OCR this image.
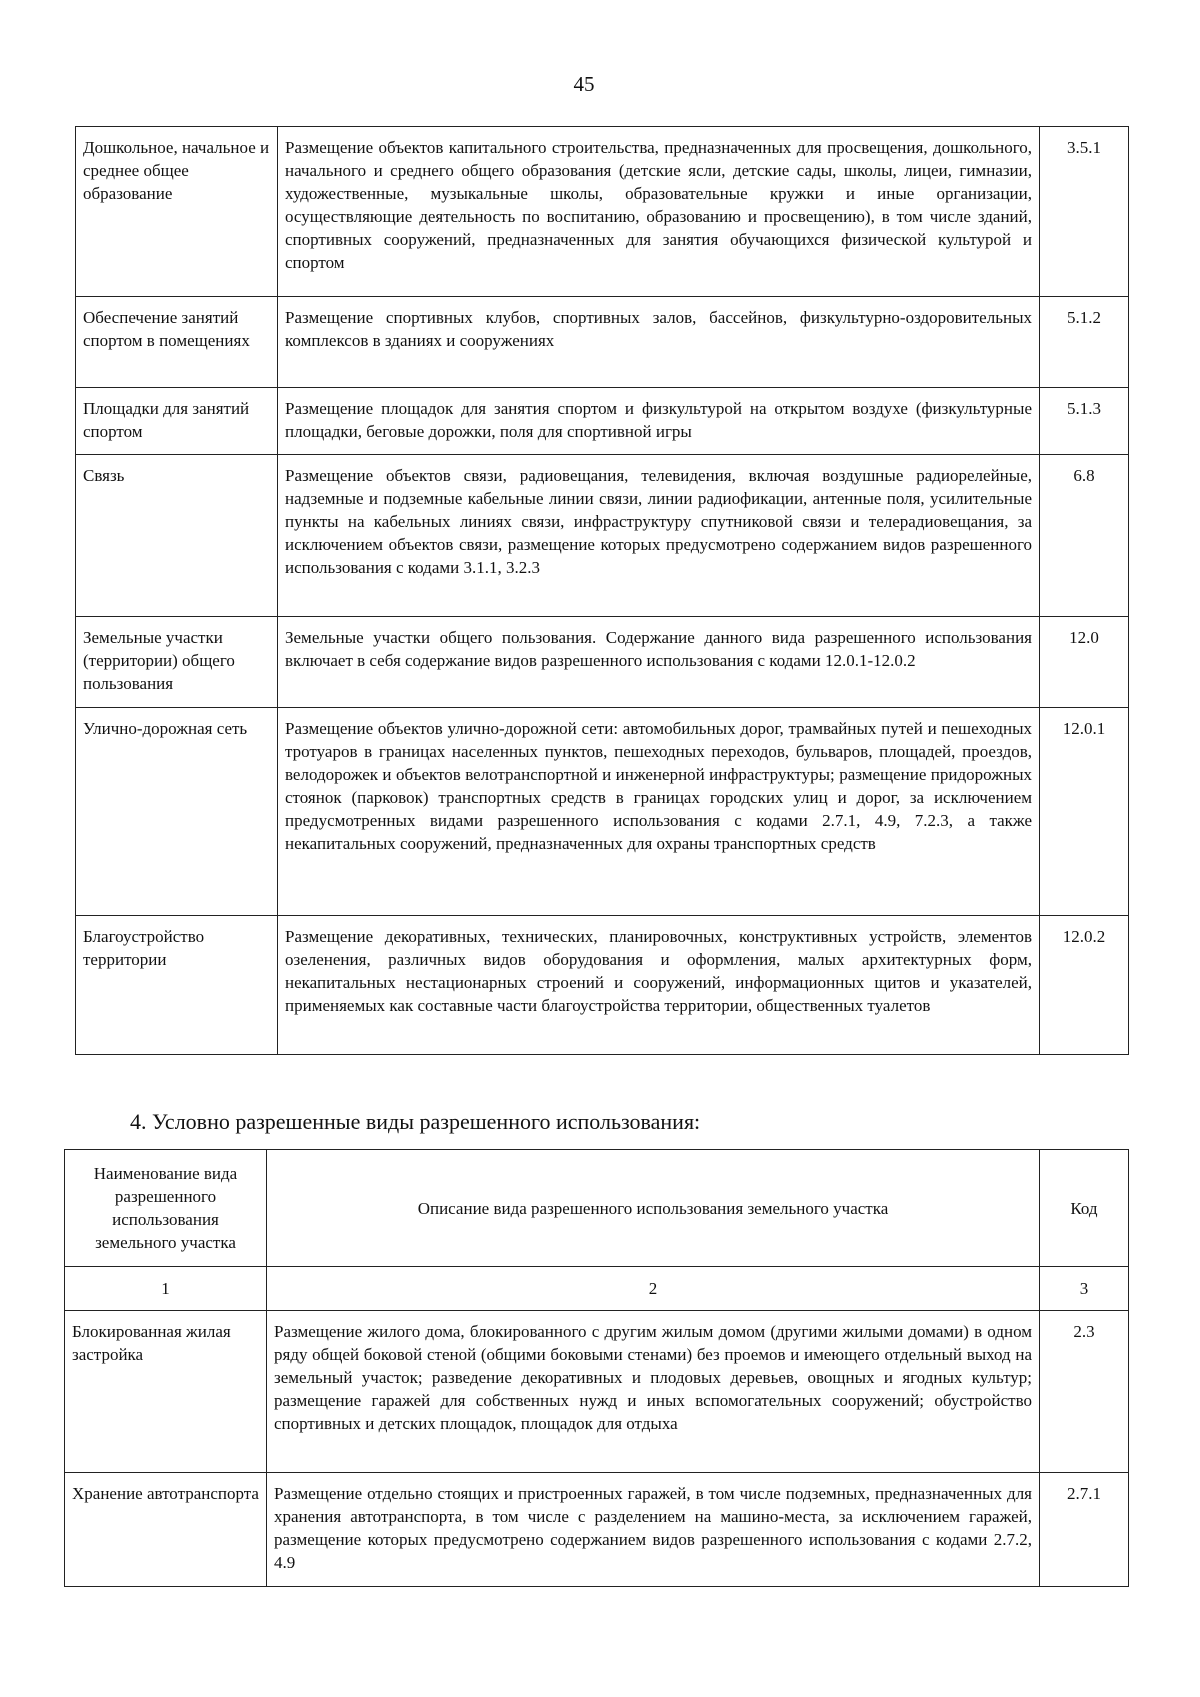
45
Дошкольное, начальное и среднее общее образование	Размещение объектов капитального строительства, предназначенных для просвещения, дошкольного, начального и среднего общего образования (детские ясли, детские сады, школы, лицеи, гимназии, художественные, музыкальные школы, образовательные кружки и иные организации, осуществляющие деятельность по воспитанию, образованию и просвещению), в том числе зданий, спортивных сооружений, предназначенных для занятия обучающихся физической культурой и спортом	3.5.1
Обеспечение занятий спортом в помещениях	Размещение спортивных клубов, спортивных залов, бассейнов, физкультурно-оздоровительных комплексов в зданиях и сооружениях	5.1.2
Площадки для занятий спортом	Размещение площадок для занятия спортом и физкультурой на открытом воздухе (физкультурные площадки, беговые дорожки, поля для спортивной игры	5.1.3
Связь	Размещение объектов связи, радиовещания, телевидения, включая воздушные радиорелейные, надземные и подземные кабельные линии связи, линии радиофикации, антенные поля, усилительные пункты на кабельных линиях связи, инфраструктуру спутниковой связи и телерадиовещания, за исключением объектов связи, размещение которых предусмотрено содержанием видов разрешенного использования с кодами 3.1.1, 3.2.3	6.8
Земельные участки (территории) общего пользования	Земельные участки общего пользования. Содержание данного вида разрешенного использования включает в себя содержание видов разрешенного использования с кодами 12.0.1-12.0.2	12.0
Улично-дорожная сеть	Размещение объектов улично-дорожной сети: автомобильных дорог, трамвайных путей и пешеходных тротуаров в границах населенных пунктов, пешеходных переходов, бульваров, площадей, проездов, велодорожек и объектов велотранспортной и инженерной инфраструктуры; размещение придорожных стоянок (парковок) транспортных средств в границах городских улиц и дорог, за исключением предусмотренных видами разрешенного использования с кодами 2.7.1, 4.9, 7.2.3, а также некапитальных сооружений, предназначенных для охраны транспортных средств	12.0.1
Благоустройство территории	Размещение декоративных, технических, планировочных, конструктивных устройств, элементов озеленения, различных видов оборудования и оформления, малых архитектурных форм, некапитальных нестационарных строений и сооружений, информационных щитов и указателей, применяемых как составные части благоустройства территории, общественных туалетов	12.0.2
4. Условно разрешенные виды разрешенного использования:
Наименование вида разрешенного использования земельного участка	Описание вида разрешенного использования земельного участка	Код
1	2	3
Блокированная жилая застройка	Размещение жилого дома, блокированного с другим жилым домом (другими жилыми домами) в одном ряду общей боковой стеной (общими боковыми стенами) без проемов и имеющего отдельный выход на земельный участок; разведение декоративных и плодовых деревьев, овощных и ягодных культур; размещение гаражей для собственных нужд и иных вспомогательных сооружений; обустройство спортивных и детских площадок, площадок для отдыха	2.3
Хранение автотранспорта	Размещение отдельно стоящих и пристроенных гаражей, в том числе подземных, предназначенных для хранения автотранспорта, в том числе с разделением на машино-места, за исключением гаражей, размещение которых предусмотрено содержанием видов разрешенного использования с кодами 2.7.2, 4.9	2.7.1
